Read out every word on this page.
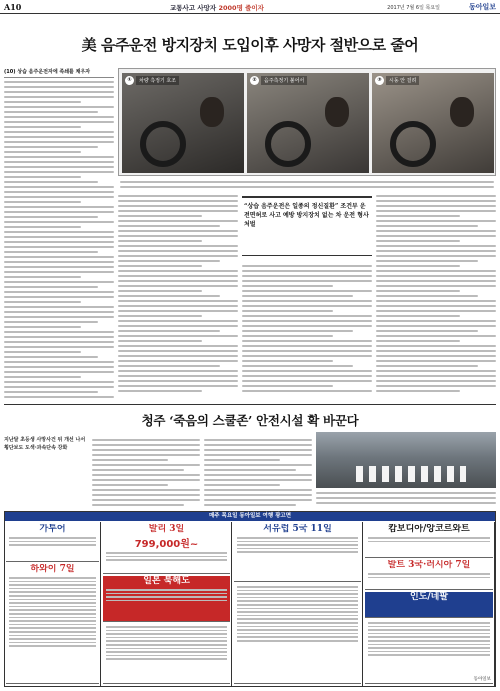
A10	교통사고 사망자 2000명 줄이자	2017년 7월 6일 목요일	동아일보
美 음주운전 방지장치 도입이후 사망자 절반으로 줄어
(10) 상습 음주운전자에 족쇄를 채우자
①	차량 측정기 호조	②	음주측정기 불어서	③	시동 안 걸려

“상습 음주운전은 일종의 정신질환” 조건부 운전면허로 사고 예방 방지장치 없는 차 운전 형사처벌

청주 ‘죽음의 스쿨존’ 안전시설 확 바꾼다
지난달 초등생 사망사건 뒤 개선 나서 횡단보도 도색·과속단속 강화
매주 목요일 동아일보 여행 광고면
가투어
하와이 7일
발리 3일
799,000원~
일본 북해도
서유럽 5국 11일	캄보디아/앙코르와트
발트 3국·러시아 7일
인도/네팔
동아일보
